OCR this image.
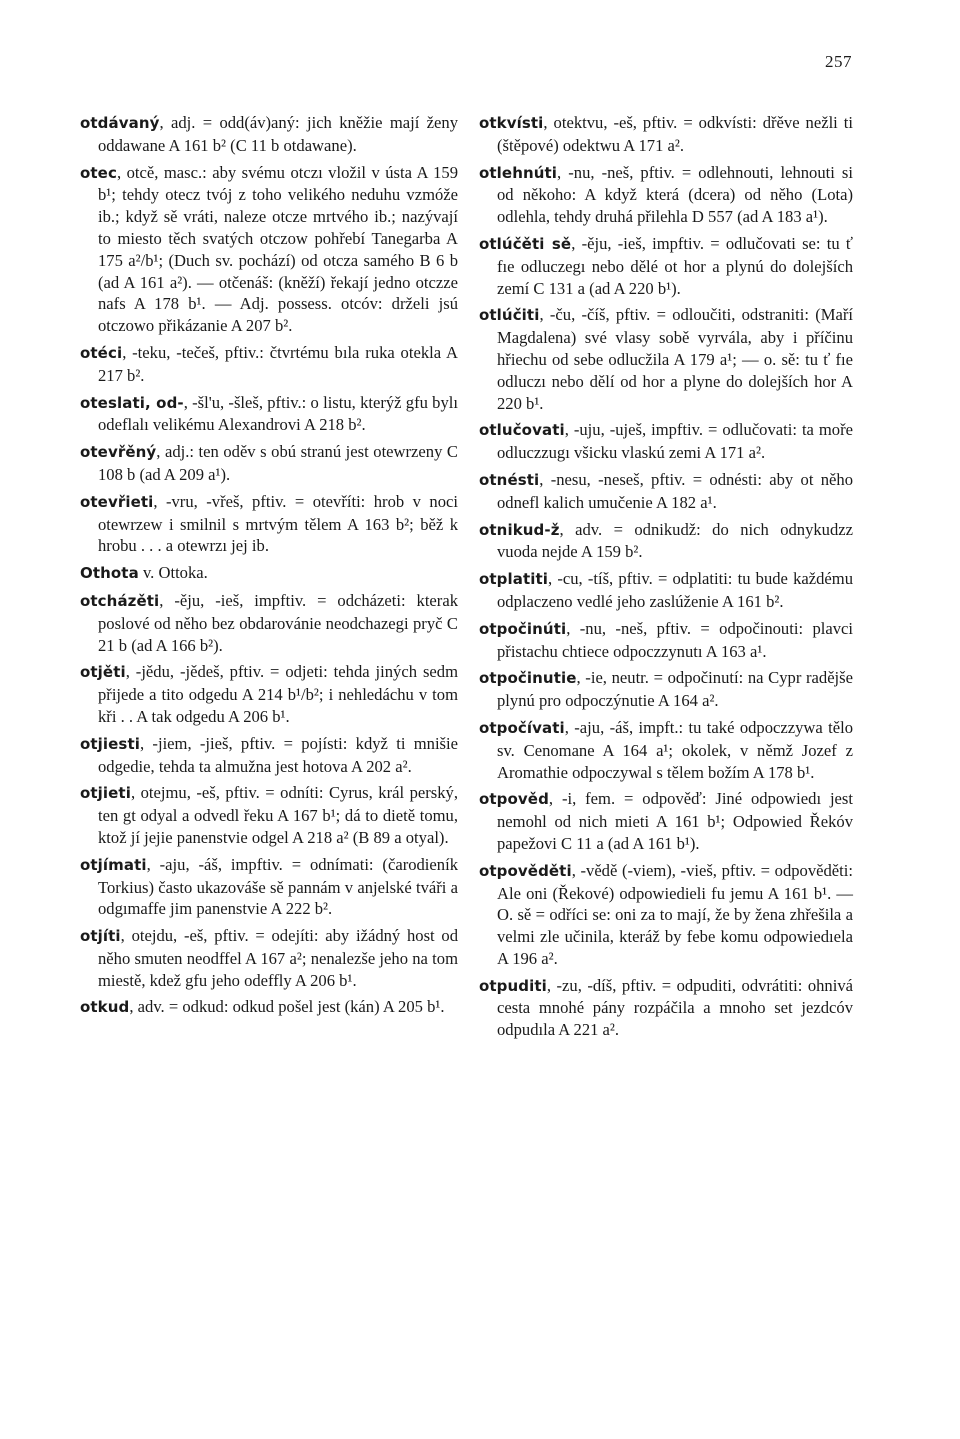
257

otdávaný, adj. = odd(áv)aný: jich kněžie mají ženy oddawane A 161 b² (C 11 b otdawane).

otec, otcě, masc.: aby svému otczı vložil v ústa A 159 b¹; tehdy otecz tvój z toho velikého neduhu vzmóže ib.; když sě vráti, naleze otcze mrtvého ib.; nazývají to miesto těch svatých otczow pohřebí Tanegarba A 175 a²/b¹; (Duch sv. pochází) od otcza samého B 6 b (ad A 161 a²). — otčenáš: (kněží) řekají jedno otczze nafs A 178 b¹. — Adj. possess. otcóv: drželi jsú otczowo přikázanie A 207 b².

otéci, -teku, -tečeš, pftiv.: čtvrtému bıla ruka otekla A 217 b².

oteslati, od-, -šl'u, -šleš, pftiv.: o listu, kterýž gfu bylı odeflalı velikému Alexandrovi A 218 b².

otevřěný, adj.: ten oděv s obú stranú jest otewrzeny C 108 b (ad A 209 a¹).

otevřieti, -vru, -vřeš, pftiv. = otevříti: hrob v noci otewrzew i smilnil s mrtvým tělem A 163 b²; běž k hrobu . . . a otewrzı jej ib.

Othota v. Ottoka.

otcházěti, -ěju, -ieš, impftiv. = odcházeti: kterak poslové od něho bez obdarovánie neodchazegi pryč C 21 b (ad A 166 b²).

otjěti, -jědu, -jědeš, pftiv. = odjeti: tehda jiných sedm přijede a tito odgedu A 214 b¹/b²; i nehledáchu v tom kři . . A tak odgedu A 206 b¹.

otjiesti, -jiem, -jieš, pftiv. = pojísti: když ti mnišie odgedie, tehda ta almužna jest hotova A 202 a².

otjieti, otejmu, -eš, pftiv. = odníti: Cyrus, král perský, ten gt odyal a odvedl řeku A 167 b¹; dá to dietě tomu, ktož jí jejie panenstvie odgel A 218 a² (B 89 a otyal).

otjímati, -aju, -áš, impftiv. = odnímati: (čarodieník Torkius) často ukazováše sě pannám v anjelské tváři a odgımaffe jim panenstvie A 222 b².

otjíti, otejdu, -eš, pftiv. = odejíti: aby ižádný host od něho smuten neodffel A 167 a²; nenalezše jeho na tom miestě, kdež gfu jeho odeffly A 206 b¹.

otkud, adv. = odkud: odkud pošel jest (kán) A 205 b¹.

otkvísti, otektvu, -eš, pftiv. = odkvísti: dřěve nežli ti (štěpové) odektwu A 171 a².

otlehnúti, -nu, -neš, pftiv. = odlehnouti, lehnouti si od někoho: A když která (dcera) od něho (Lota) odlehla, tehdy druhá přilehla D 557 (ad A 183 a¹).

otlúčěti sě, -ěju, -ieš, impftiv. = odlučovati se: tu ť fıe odluczegı nebo dělé ot hor a plynú do dolejších zemí C 131 a (ad A 220 b¹).

otlúčiti, -ču, -číš, pftiv. = odloučiti, odstraniti: (Maří Magdalena) své vlasy sobě vyrvála, aby i příčinu hřiechu od sebe odlucžila A 179 a¹; — o. sě: tu ť fıe odluczı nebo dělí od hor a plyne do dolejších hor A 220 b¹.

otlučovati, -uju, -uješ, impftiv. = odlučovati: ta moře odluczzugı všicku vlaskú zemi A 171 a².

otnésti, -nesu, -neseš, pftiv. = odnésti: aby ot něho odnefl kalich umučenie A 182 a¹.

otnikud-ž, adv. = odnikudž: do nich odnykudzz vuoda nejde A 159 b².

otplatiti, -cu, -tíš, pftiv. = odplatiti: tu bude každému odplaczeno vedlé jeho zaslúženie A 161 b².

otpočinúti, -nu, -neš, pftiv. = odpočinouti: plavci přistachu chtiece odpoczzynutı A 163 a¹.

otpočinutie, -ie, neutr. = odpočinutí: na Cypr radějše plynú pro odpoczýnutie A 164 a².

otpočívati, -aju, -áš, impft.: tu také odpoczzywa tělo sv. Cenomane A 164 a¹; okolek, v němž Jozef z Aromathie odpoczywal s tělem božím A 178 b¹.

otpověd, -i, fem. = odpověď: Jiné odpowiedı jest nemohl od nich mieti A 161 b¹; Odpowied Řekóv papežovi C 11 a (ad A 161 b¹).

otpověděti, -vědě (-viem), -vieš, pftiv. = odpověděti: Ale oni (Řekové) odpowiedieli fu jemu A 161 b¹. — O. sě = odříci se: oni za to mají, že by žena zhřešila a velmi zle učinila, kteráž by febe komu odpowiedıela A 196 a².

otpuditi, -zu, -díš, pftiv. = odpuditi, odvrátiti: ohnivá cesta mnohé pány rozpáčila a mnoho set jezdcóv odpudıla A 221 a².
